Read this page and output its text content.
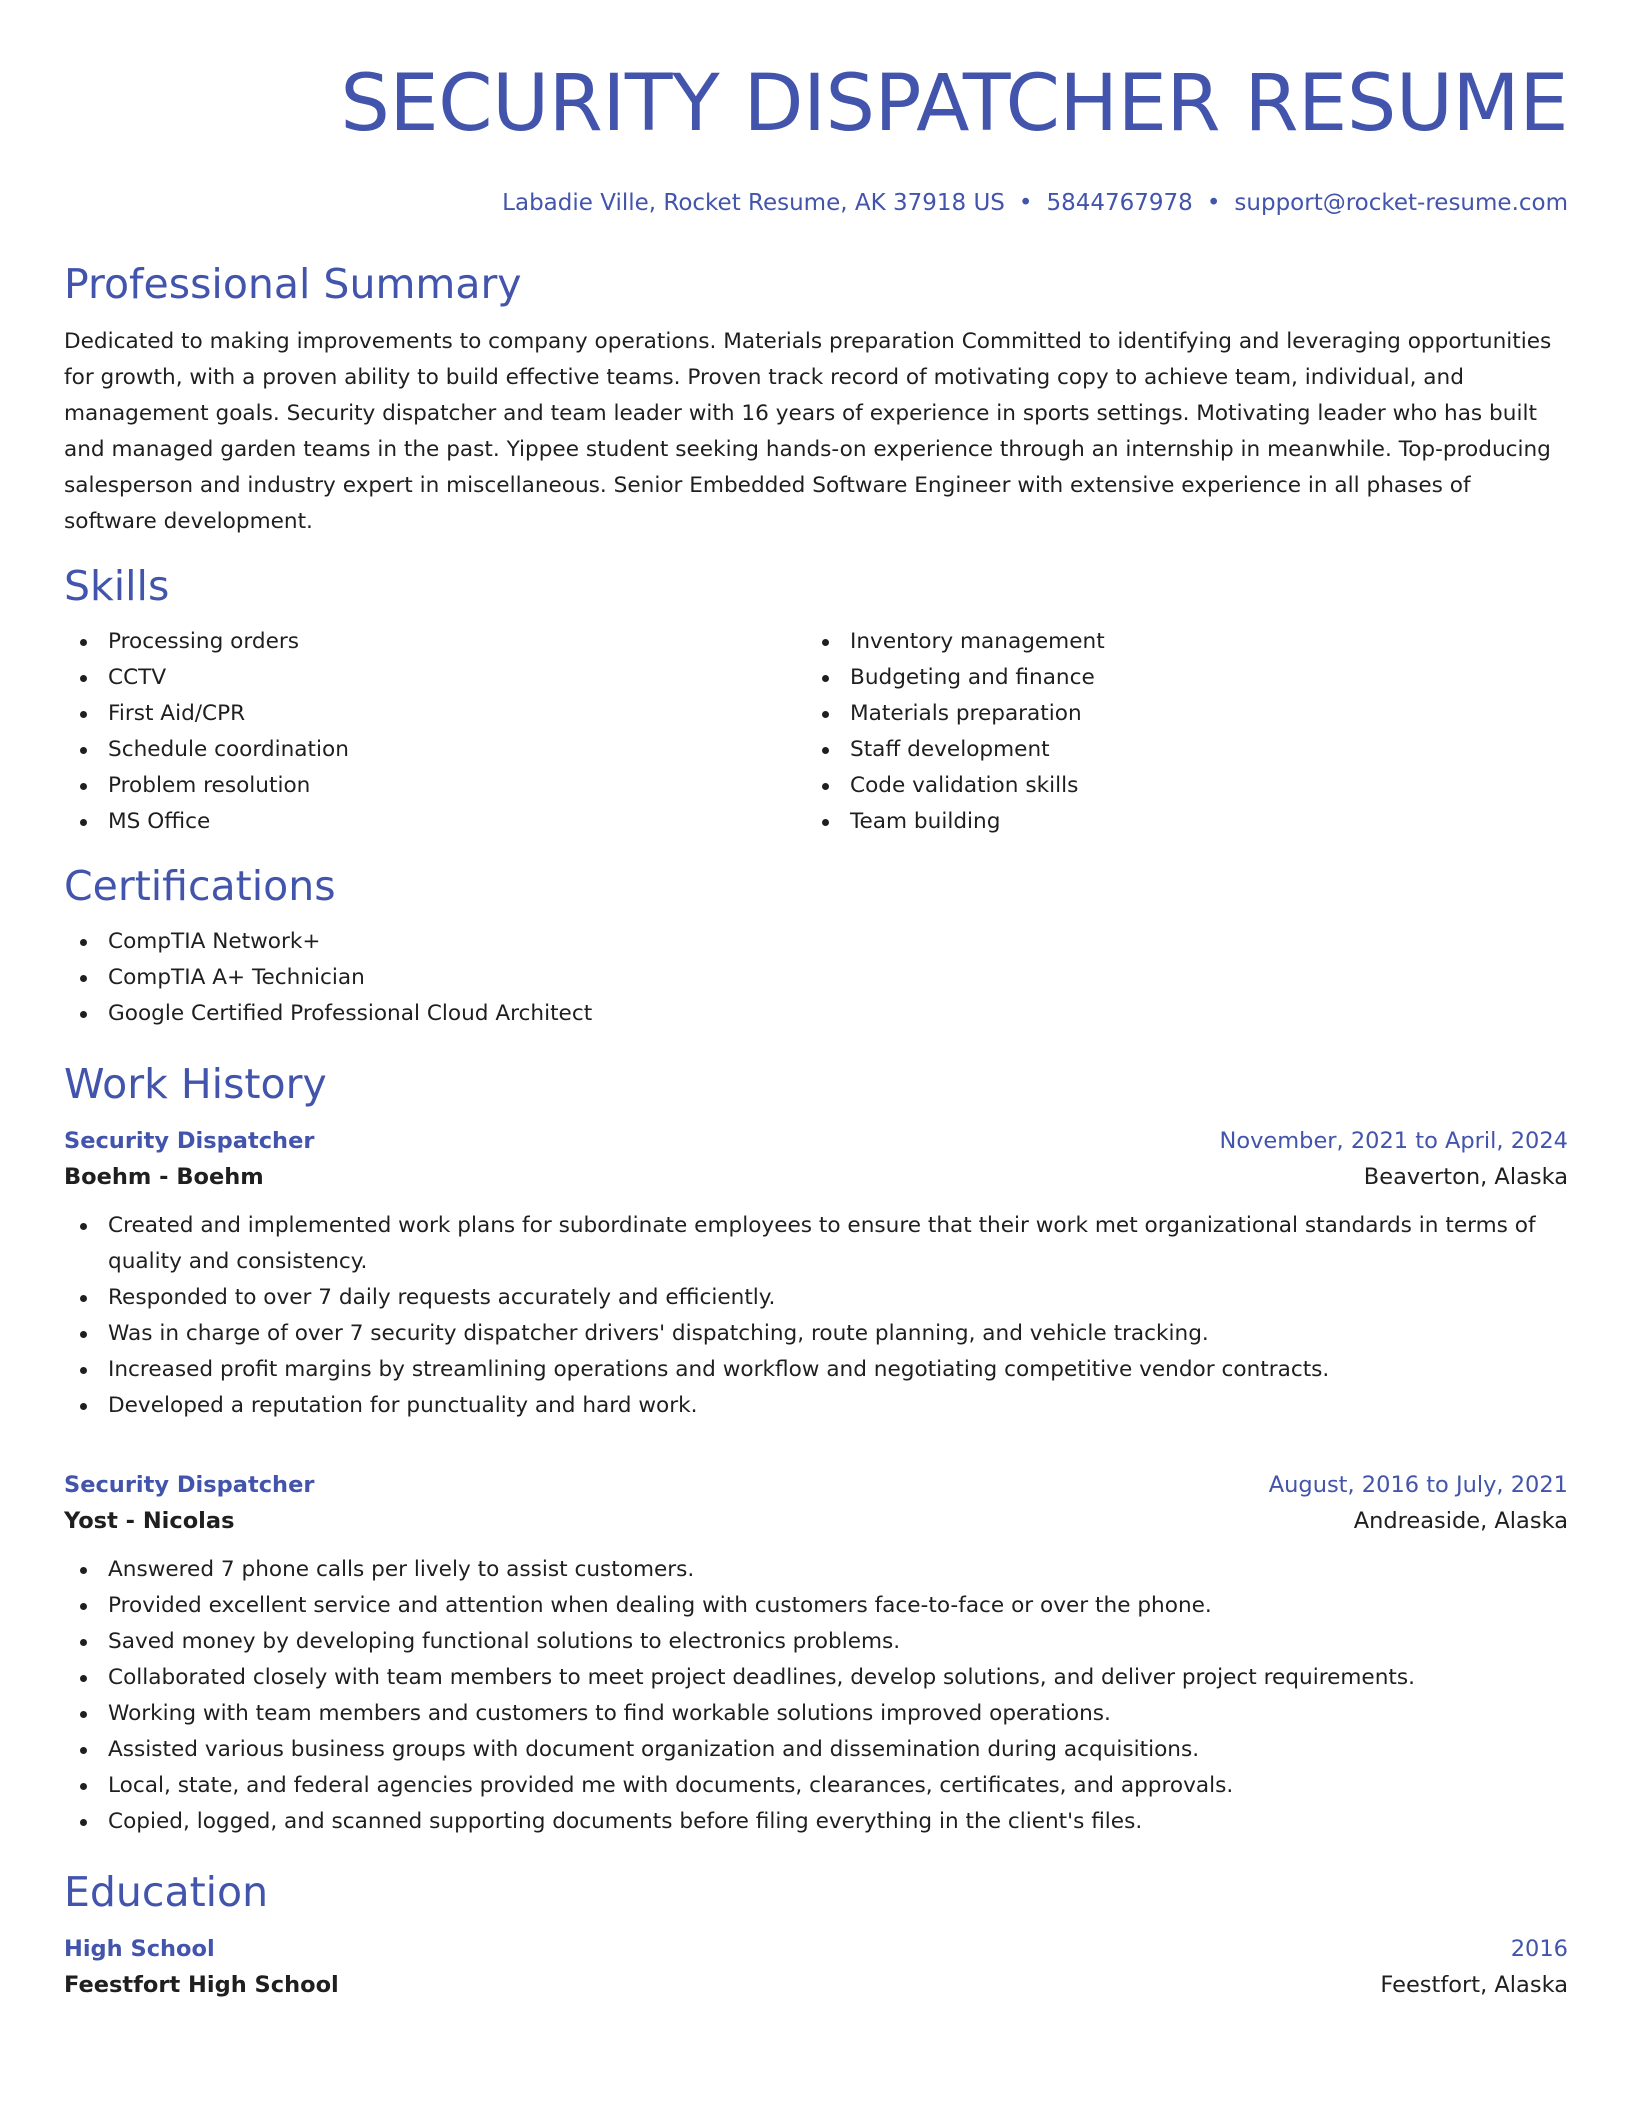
SECURITY DISPATCHER RESUME
Labadie Ville, Rocket Resume, AK 37918 US • 5844767978 • support@rocket-resume.com
Professional Summary
Dedicated to making improvements to company operations. Materials preparation Committed to identifying and leveraging opportunities for growth, with a proven ability to build effective teams. Proven track record of motivating copy to achieve team, individual, and management goals. Security dispatcher and team leader with 16 years of experience in sports settings. Motivating leader who has built and managed garden teams in the past. Yippee student seeking hands-on experience through an internship in meanwhile. Top-producing salesperson and industry expert in miscellaneous. Senior Embedded Software Engineer with extensive experience in all phases of software development.
Skills
Processing orders
CCTV
First Aid/CPR
Schedule coordination
Problem resolution
MS Office
Inventory management
Budgeting and finance
Materials preparation
Staff development
Code validation skills
Team building
Certifications
CompTIA Network+
CompTIA A+ Technician
Google Certified Professional Cloud Architect
Work History
Security Dispatcher	November, 2021 to April, 2024
Boehm - Boehm	Beaverton, Alaska
Created and implemented work plans for subordinate employees to ensure that their work met organizational standards in terms of quality and consistency.
Responded to over 7 daily requests accurately and efficiently.
Was in charge of over 7 security dispatcher drivers' dispatching, route planning, and vehicle tracking.
Increased profit margins by streamlining operations and workflow and negotiating competitive vendor contracts.
Developed a reputation for punctuality and hard work.
Security Dispatcher	August, 2016 to July, 2021
Yost - Nicolas	Andreaside, Alaska
Answered 7 phone calls per lively to assist customers.
Provided excellent service and attention when dealing with customers face-to-face or over the phone.
Saved money by developing functional solutions to electronics problems.
Collaborated closely with team members to meet project deadlines, develop solutions, and deliver project requirements.
Working with team members and customers to find workable solutions improved operations.
Assisted various business groups with document organization and dissemination during acquisitions.
Local, state, and federal agencies provided me with documents, clearances, certificates, and approvals.
Copied, logged, and scanned supporting documents before filing everything in the client's files.
Education
High School	2016
Feestfort High School	Feestfort, Alaska
